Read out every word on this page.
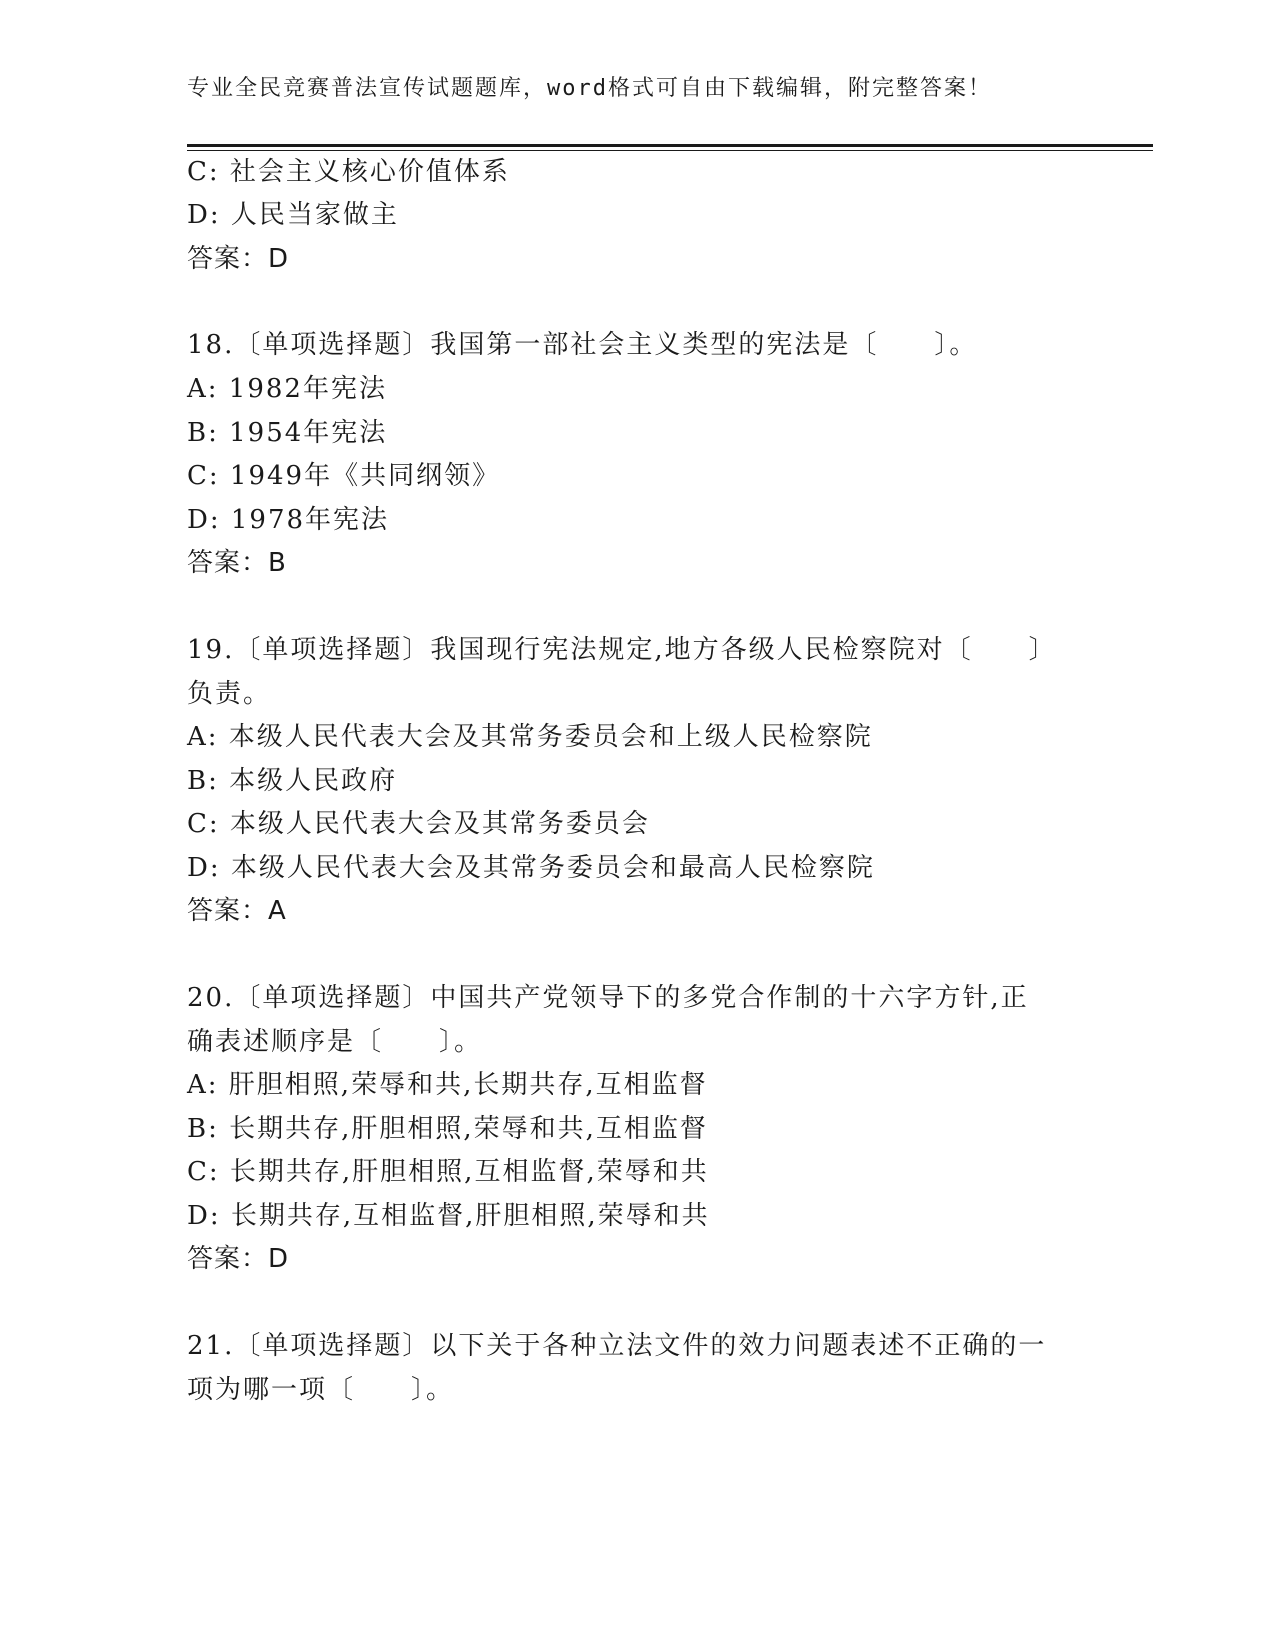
专业全民竞赛普法宣传试题题库，word格式可自由下载编辑，附完整答案！
C: 社会主义核心价值体系
D: 人民当家做主
答案：D
18.〔单项选择题〕我国第一部社会主义类型的宪法是〔　　〕。
A: 1982年宪法
B: 1954年宪法
C: 1949年《共同纲领》
D: 1978年宪法
答案：B
19.〔单项选择题〕我国现行宪法规定,地方各级人民检察院对〔　　〕
负责。
A: 本级人民代表大会及其常务委员会和上级人民检察院
B: 本级人民政府
C: 本级人民代表大会及其常务委员会
D: 本级人民代表大会及其常务委员会和最高人民检察院
答案：A
20.〔单项选择题〕中国共产党领导下的多党合作制的十六字方针,正
确表述顺序是〔　　〕。
A: 肝胆相照,荣辱和共,长期共存,互相监督
B: 长期共存,肝胆相照,荣辱和共,互相监督
C: 长期共存,肝胆相照,互相监督,荣辱和共
D: 长期共存,互相监督,肝胆相照,荣辱和共
答案：D
21.〔单项选择题〕以下关于各种立法文件的效力问题表述不正确的一
项为哪一项〔　　〕。
